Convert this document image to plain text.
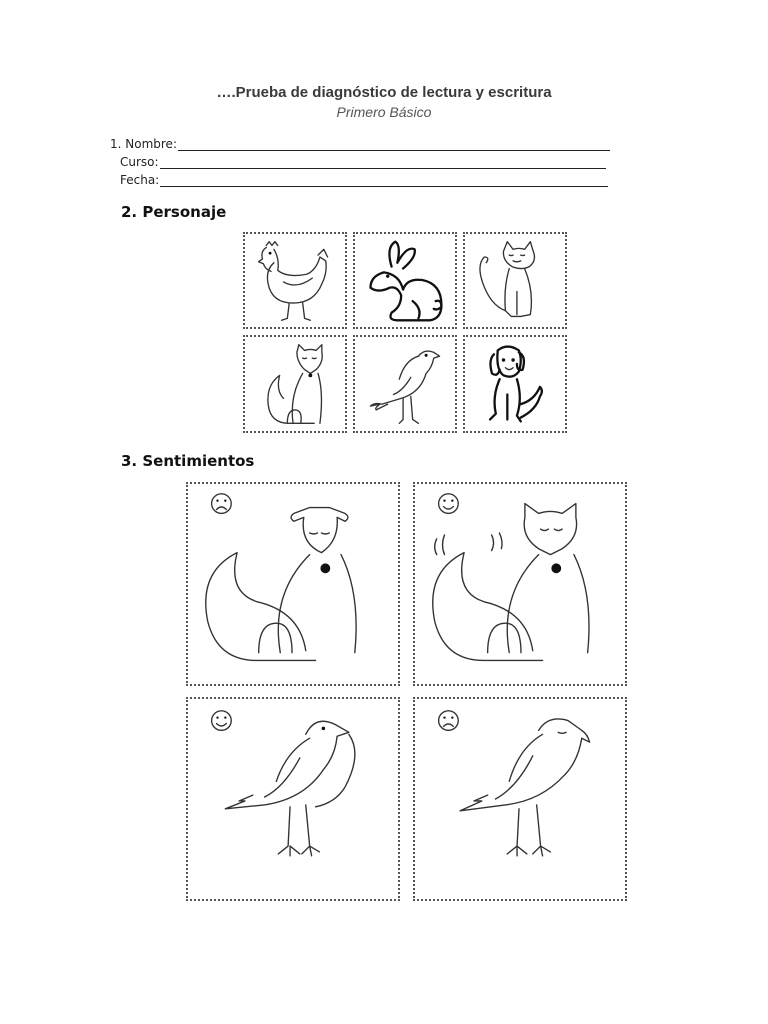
….Prueba de diagnóstico de lectura y escritura
Primero Básico
1. Nombre:
Curso:
Fecha:
2. Personaje
3. Sentimientos
